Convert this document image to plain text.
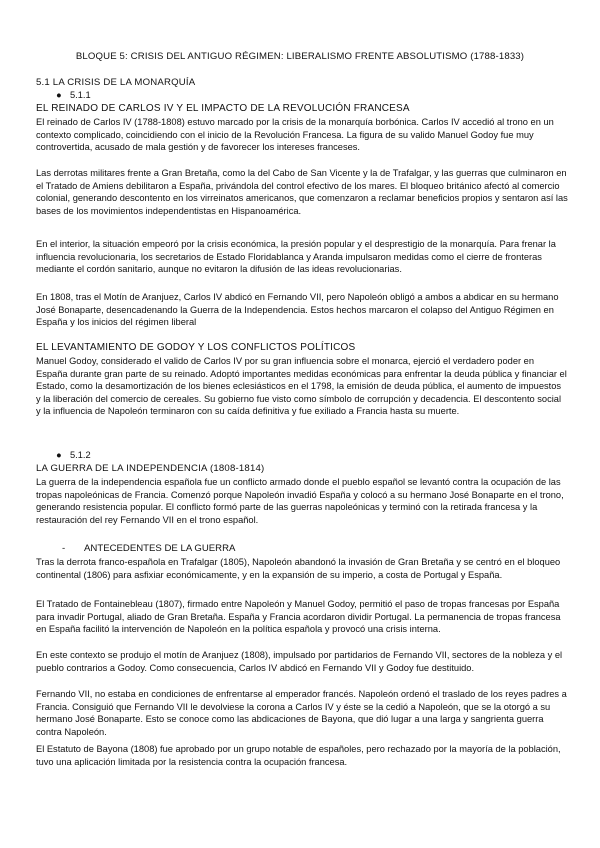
BLOQUE 5: CRISIS DEL ANTIGUO RÉGIMEN: LIBERALISMO FRENTE ABSOLUTISMO (1788-1833)
5.1 LA CRISIS DE LA MONARQUÍA
● 5.1.1
EL REINADO DE CARLOS IV Y EL IMPACTO DE LA REVOLUCIÓN FRANCESA

El reinado de Carlos IV (1788-1808) estuvo marcado por la crisis de la monarquía borbónica. Carlos IV accedió al trono en un contexto complicado, coincidiendo con el inicio de la Revolución Francesa. La figura de su valido Manuel Godoy fue muy controvertida, acusado de mala gestión y de favorecer los intereses franceses.

Las derrotas militares frente a Gran Bretaña, como la del Cabo de San Vicente y la de Trafalgar, y las guerras que culminaron en el Tratado de Amiens debilitaron a España, privándola del control efectivo de los mares. El bloqueo británico afectó al comercio colonial, generando descontento en los virreinatos americanos, que comenzaron a reclamar beneficios propios y sentaron así las bases de los movimientos independentistas en Hispanoamérica.

En el interior, la situación empeoró por la crisis económica, la presión popular y el desprestigio de la monarquía. Para frenar la influencia revolucionaria, los secretarios de Estado Floridablanca y Aranda impulsaron medidas como el cierre de fronteras mediante el cordón sanitario, aunque no evitaron la difusión de las ideas revolucionarias.

En 1808, tras el Motín de Aranjuez, Carlos IV abdicó en Fernando VII, pero Napoleón obligó a ambos a abdicar en su hermano José Bonaparte, desencadenando la Guerra de la Independencia. Estos hechos marcaron el colapso del Antiguo Régimen en España y los inicios del régimen liberal

EL LEVANTAMIENTO DE GODOY Y LOS CONFLICTOS POLÍTICOS

Manuel Godoy, considerado el valido de Carlos IV por su gran influencia sobre el monarca, ejerció el verdadero poder en España durante gran parte de su reinado. Adoptó importantes medidas económicas para enfrentar la deuda pública y financiar el Estado, como la desamortización de los bienes eclesiásticos en el 1798, la emisión de deuda pública, el aumento de impuestos y la liberación del comercio de cereales. Su gobierno fue visto como símbolo de corrupción y decadencia. El descontento social y la influencia de Napoleón terminaron con su caída definitiva y fue exiliado a Francia hasta su muerte.

● 5.1.2
LA GUERRA DE LA INDEPENDENCIA (1808-1814)

La guerra de la independencia española fue un conflicto armado donde el pueblo español se levantó contra la ocupación de las tropas napoleónicas de Francia. Comenzó porque Napoleón invadió España y colocó a su hermano José Bonaparte en el trono, generando resistencia popular. El conflicto formó parte de las guerras napoleónicas y terminó con la retirada francesa y la restauración del rey Fernando VII en el trono español.

- ANTECEDENTES DE LA GUERRA

Tras la derrota franco-española en Trafalgar (1805), Napoleón abandonó la invasión de Gran Bretaña y se centró en el bloqueo continental (1806) para asfixiar económicamente, y en la expansión de su imperio, a costa de Portugal y España.

El Tratado de Fontainebleau (1807), firmado entre Napoleón y Manuel Godoy, permitió el paso de tropas francesas por España para invadir Portugal, aliado de Gran Bretaña. España y Francia acordaron dividir Portugal. La permanencia de tropas francesa en España facilitó la intervención de Napoleón en la política española y provocó una crisis interna.

En este contexto se produjo el motín de Aranjuez (1808), impulsado por partidarios de Fernando VII, sectores de la nobleza y el pueblo contrarios a Godoy. Como consecuencia, Carlos IV abdicó en Fernando VII y Godoy fue destituido.

Fernando VII, no estaba en condiciones de enfrentarse al emperador francés. Napoleón ordenó el traslado de los reyes padres a Francia. Consiguió que Fernando VII le devolviese la corona a Carlos IV y éste se la cedió a Napoleón, que se la otorgó a su hermano José Bonaparte. Esto se conoce como las abdicaciones de Bayona, que dió lugar a una larga y sangrienta guerra contra Napoleón.

El Estatuto de Bayona (1808) fue aprobado por un grupo notable de españoles, pero rechazado por la mayoría de la población, tuvo una aplicación limitada por la resistencia contra la ocupación francesa.
